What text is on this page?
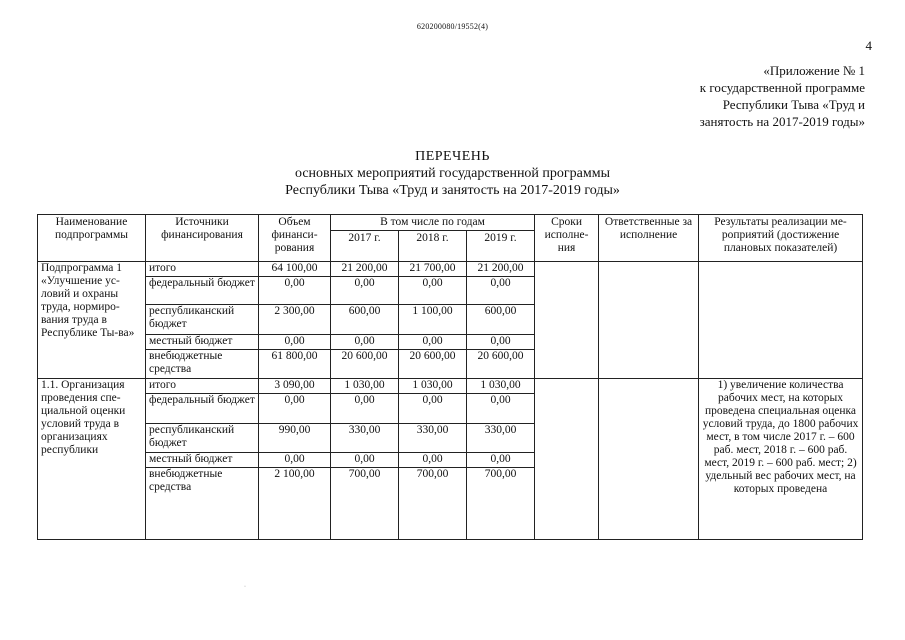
620200080/19552(4)
4
«Приложение № 1
к государственной программе
Республики Тыва «Труд и
занятость на 2017-2019 годы»
ПЕРЕЧЕНЬ
основных мероприятий государственной программы
Республики Тыва «Труд и занятость на 2017-2019 годы»
Наименование подпрограммы	Источники финансирования	Объем финанси-рования	В том числе по годам			Сроки исполне-ния	Ответственные за исполнение	Результаты реализации ме-роприятий (достижение плановых показателей)
			2017 г.	2018 г.	2019 г.			
Подпрограмма 1 «Улучшение ус-ловий и охраны труда, нормиро-вания труда в Республике Ты-ва»	итого	64 100,00	21 200,00	21 700,00	21 200,00			
	федеральный бюджет	0,00	0,00	0,00	0,00			
	республиканский бюджет	2 300,00	600,00	1 100,00	600,00			
	местный бюджет	0,00	0,00	0,00	0,00			
	внебюджетные средства	61 800,00	20 600,00	20 600,00	20 600,00			
1.1. Организация проведения спе-циальной оценки условий труда в организациях республики	итого	3 090,00	1 030,00	1 030,00	1 030,00			1) увеличение количества рабочих мест, на которых проведена специальная оценка условий труда, до 1800 рабочих мест, в том числе 2017 г. – 600 раб. мест, 2018 г. – 600 раб. мест, 2019 г. – 600 раб. мест; 2) удельный вес рабочих мест, на которых проведена
	федеральный бюджет	0,00	0,00	0,00	0,00			
	республиканский бюджет	990,00	330,00	330,00	330,00			
	местный бюджет	0,00	0,00	0,00	0,00			
	внебюджетные средства	2 100,00	700,00	700,00	700,00			
·
